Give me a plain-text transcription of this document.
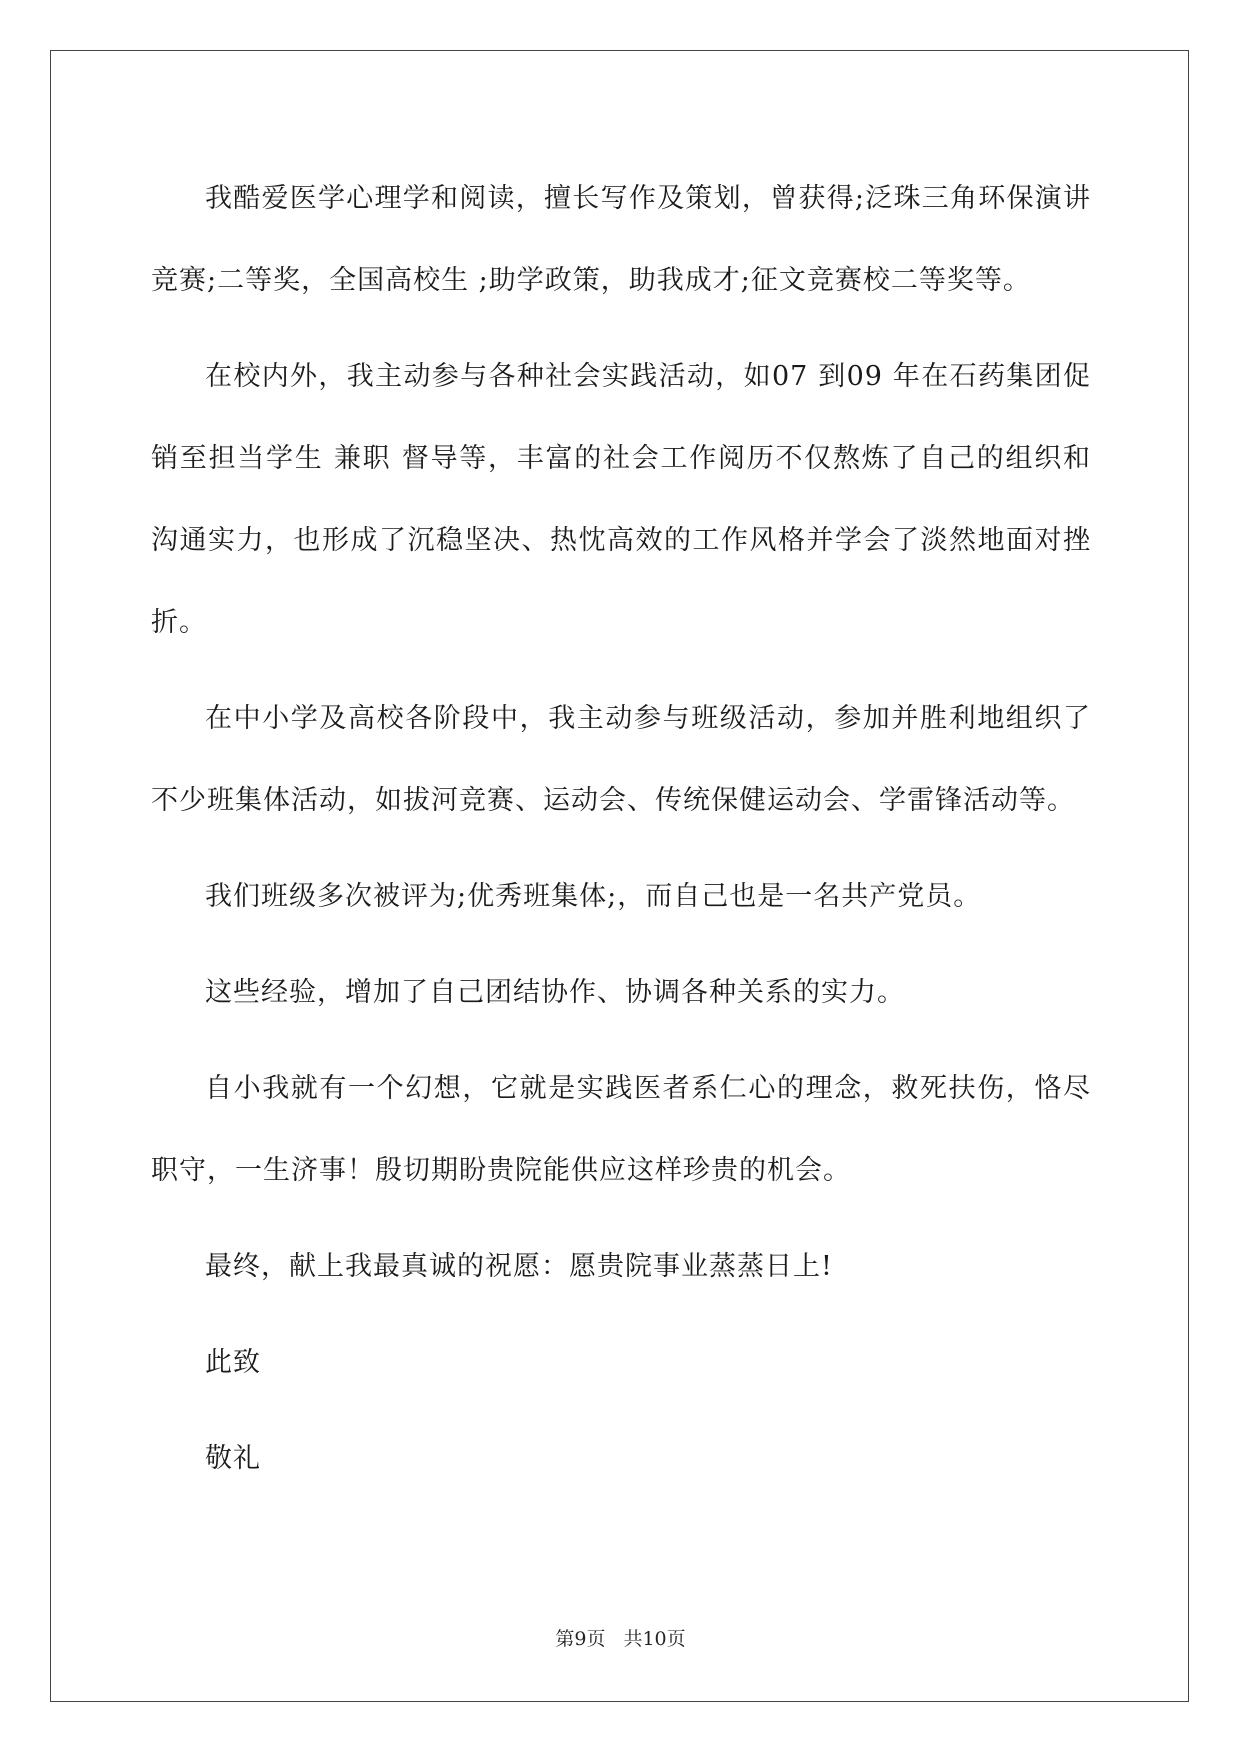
我酷爱医学心理学和阅读，擅长写作及策划，曾获得;泛珠三角环保演讲竞赛;二等奖，全国高校生 ;助学政策，助我成才;征文竞赛校二等奖等。

在校内外，我主动参与各种社会实践活动，如07 到09 年在石药集团促销至担当学生 兼职 督导等，丰富的社会工作阅历不仅熬炼了自己的组织和沟通实力，也形成了沉稳坚决、热忱高效的工作风格并学会了淡然地面对挫折。

在中小学及高校各阶段中，我主动参与班级活动，参加并胜利地组织了不少班集体活动，如拔河竞赛、运动会、传统保健运动会、学雷锋活动等。

我们班级多次被评为;优秀班集体;，而自己也是一名共产党员。

这些经验，增加了自己团结协作、协调各种关系的实力。

自小我就有一个幻想，它就是实践医者系仁心的理念，救死扶伤，恪尽职守，一生济事！殷切期盼贵院能供应这样珍贵的机会。

最终，献上我最真诚的祝愿：愿贵院事业蒸蒸日上!

此致

敬礼

第9页 共10页
